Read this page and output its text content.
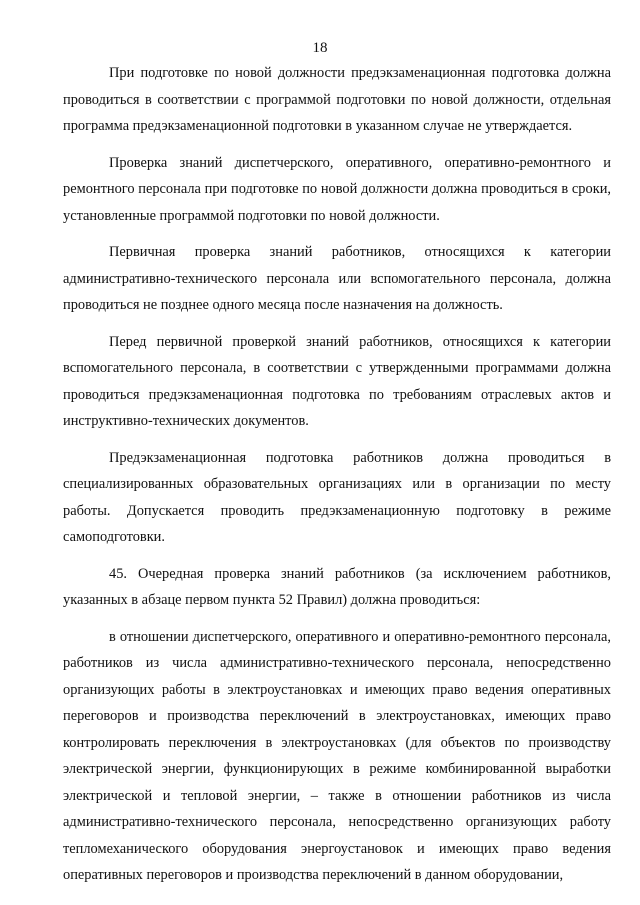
18

При подготовке по новой должности предэкзаменационная подготовка должна проводиться в соответствии с программой подготовки по новой должности, отдельная программа предэкзаменационной подготовки в указанном случае не утверждается.

Проверка знаний диспетчерского, оперативного, оперативно-ремонтного и ремонтного персонала при подготовке по новой должности должна проводиться в сроки, установленные программой подготовки по новой должности.

Первичная проверка знаний работников, относящихся к категории административно-технического персонала или вспомогательного персонала, должна проводиться не позднее одного месяца после назначения на должность.

Перед первичной проверкой знаний работников, относящихся к категории вспомогательного персонала, в соответствии с утвержденными программами должна проводиться предэкзаменационная подготовка по требованиям отраслевых актов и инструктивно-технических документов.

Предэкзаменационная подготовка работников должна проводиться в специализированных образовательных организациях или в организации по месту работы. Допускается проводить предэкзаменационную подготовку в режиме самоподготовки.

45. Очередная проверка знаний работников (за исключением работников, указанных в абзаце первом пункта 52 Правил) должна проводиться:

в отношении диспетчерского, оперативного и оперативно-ремонтного персонала, работников из числа административно-технического персонала, непосредственно организующих работы в электроустановках и имеющих право ведения оперативных переговоров и производства переключений в электроустановках, имеющих право контролировать переключения в электроустановках (для объектов по производству электрической энергии, функционирующих в режиме комбинированной выработки электрической и тепловой энергии, – также в отношении работников из числа административно-технического персонала, непосредственно организующих работу тепломеханического оборудования энергоустановок и имеющих право ведения оперативных переговоров и производства переключений в данном оборудовании,
